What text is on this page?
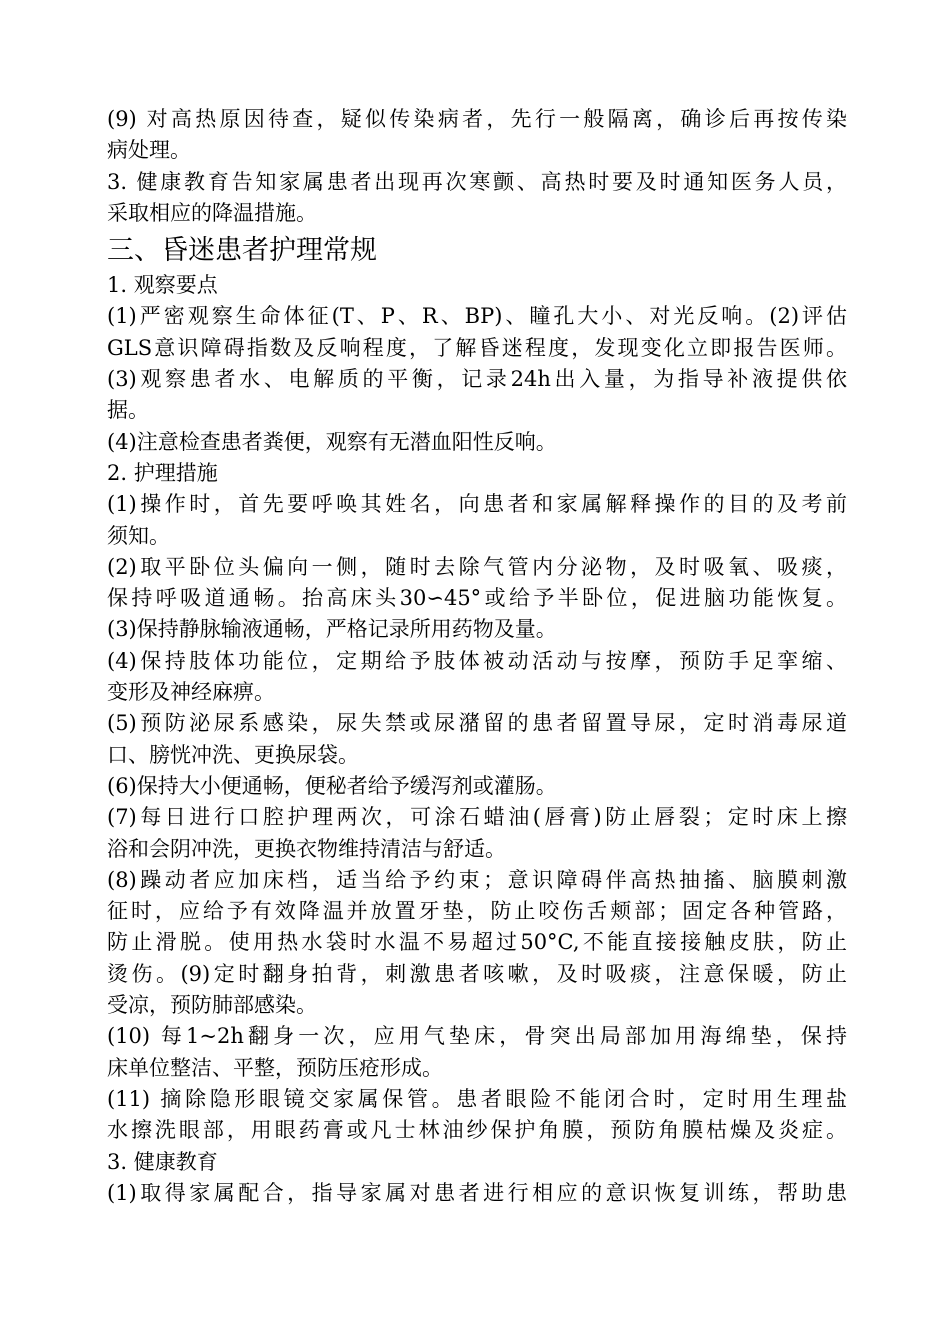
(9) 对高热原因待查，疑似传染病者，先行一般隔离，确诊后再按传染
病处理。
3. 健康教育告知家属患者出现再次寒颤、高热时要及时通知医务人员，
采取相应的降温措施。
三、昏迷患者护理常规
1. 观察要点
(1)严密观察生命体征(T、P、R、BP)、瞳孔大小、对光反响。(2)评估
GLS意识障碍指数及反响程度，了解昏迷程度，发现变化立即报告医师。
(3)观察患者水、电解质的平衡，记录24h出入量，为指导补液提供依
据。
(4)注意检查患者粪便，观察有无潜血阳性反响。
2. 护理措施
(1)操作时，首先要呼唤其姓名，向患者和家属解释操作的目的及考前
须知。
(2)取平卧位头偏向一侧，随时去除气管内分泌物，及时吸氧、吸痰，
保持呼吸道通畅。抬高床头30∽45°或给予半卧位，促进脑功能恢复。
(3)保持静脉输液通畅，严格记录所用药物及量。
(4)保持肢体功能位，定期给予肢体被动活动与按摩，预防手足挛缩、
变形及神经麻痹。
(5)预防泌尿系感染，尿失禁或尿潴留的患者留置导尿，定时消毒尿道
口、膀恍冲洗、更换尿袋。
(6)保持大小便通畅，便秘者给予缓泻剂或灌肠。
(7)每日进行口腔护理两次，可涂石蜡油(唇膏)防止唇裂；定时床上擦
浴和会阴冲洗，更换衣物维持清洁与舒适。
(8)躁动者应加床档，适当给予约束；意识障碍伴高热抽搐、脑膜刺激
征时，应给予有效降温并放置牙垫，防止咬伤舌颊部；固定各种管路，
防止滑脱。使用热水袋时水温不易超过50°C,不能直接接触皮肤，防止
烫伤。(9)定时翻身拍背，刺激患者咳嗽，及时吸痰，注意保暖，防止
受凉，预防肺部感染。
(10) 每1~2h翻身一次，应用气垫床，骨突出局部加用海绵垫，保持
床单位整洁、平整，预防压疮形成。
(11) 摘除隐形眼镜交家属保管。患者眼险不能闭合时，定时用生理盐
水擦洗眼部，用眼药膏或凡士林油纱保护角膜，预防角膜枯燥及炎症。
3. 健康教育
(1)取得家属配合，指导家属对患者进行相应的意识恢复训练，帮助患
